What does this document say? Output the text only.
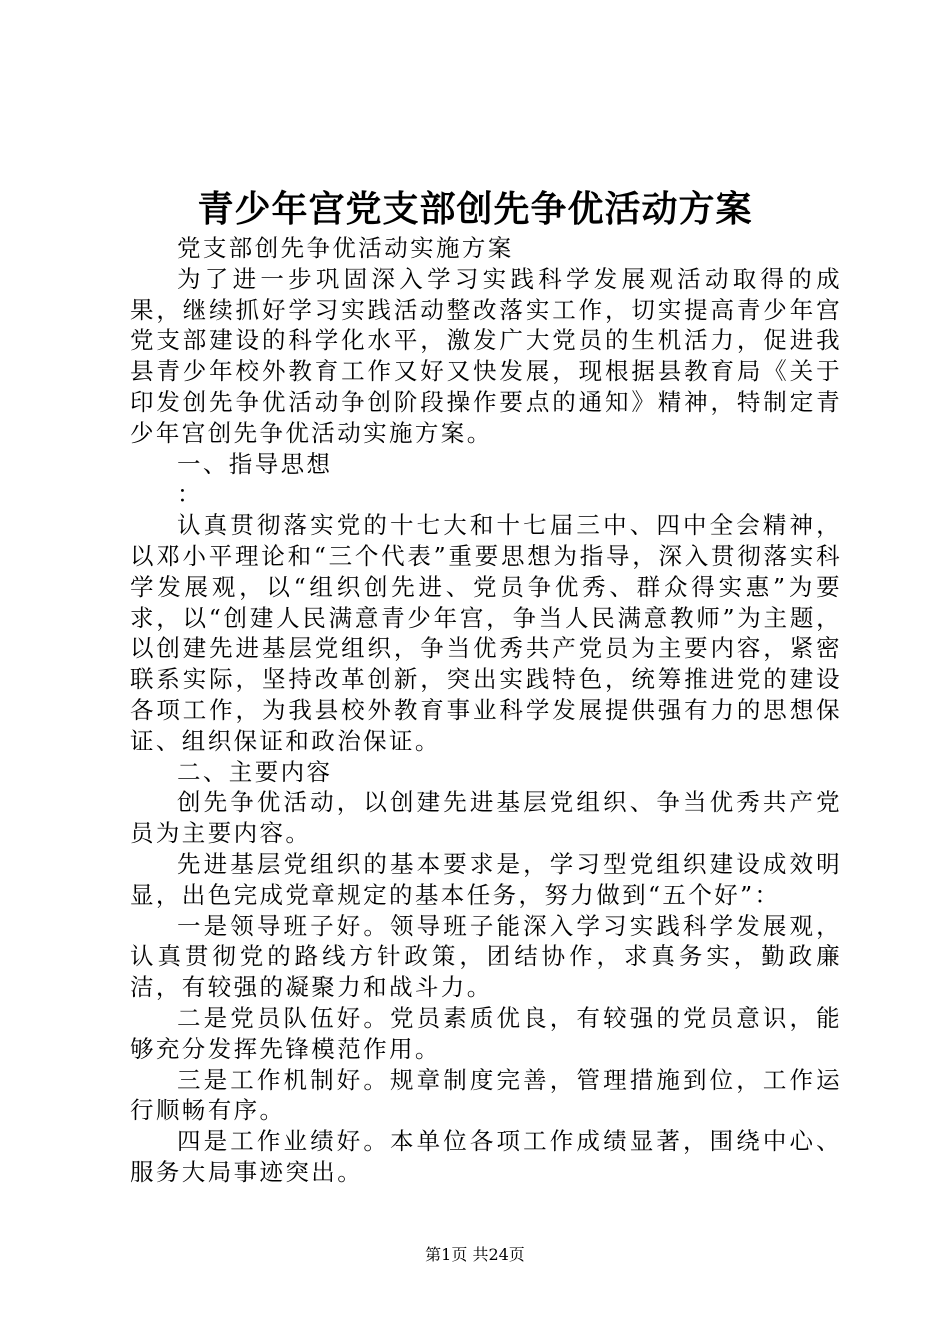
青少年宫党支部创先争优活动方案

党支部创先争优活动实施方案

为了进一步巩固深入学习实践科学发展观活动取得的成果，继续抓好学习实践活动整改落实工作，切实提高青少年宫党支部建设的科学化水平，激发广大党员的生机活力，促进我县青少年校外教育工作又好又快发展，现根据县教育局《关于印发创先争优活动争创阶段操作要点的通知》精神，特制定青少年宫创先争优活动实施方案。

一、指导思想

：

认真贯彻落实党的十七大和十七届三中、四中全会精神，以邓小平理论和“三个代表”重要思想为指导，深入贯彻落实科学发展观，以“组织创先进、党员争优秀、群众得实惠”为要求，以“创建人民满意青少年宫，争当人民满意教师”为主题，以创建先进基层党组织，争当优秀共产党员为主要内容，紧密联系实际，坚持改革创新，突出实践特色，统筹推进党的建设各项工作，为我县校外教育事业科学发展提供强有力的思想保证、组织保证和政治保证。

二、主要内容

创先争优活动，以创建先进基层党组织、争当优秀共产党员为主要内容。

先进基层党组织的基本要求是，学习型党组织建设成效明显，出色完成党章规定的基本任务，努力做到“五个好”：

一是领导班子好。领导班子能深入学习实践科学发展观，认真贯彻党的路线方针政策，团结协作，求真务实，勤政廉洁，有较强的凝聚力和战斗力。

二是党员队伍好。党员素质优良，有较强的党员意识，能够充分发挥先锋模范作用。

三是工作机制好。规章制度完善，管理措施到位，工作运行顺畅有序。

四是工作业绩好。本单位各项工作成绩显著，围绕中心、服务大局事迹突出。

第1页 共24页
